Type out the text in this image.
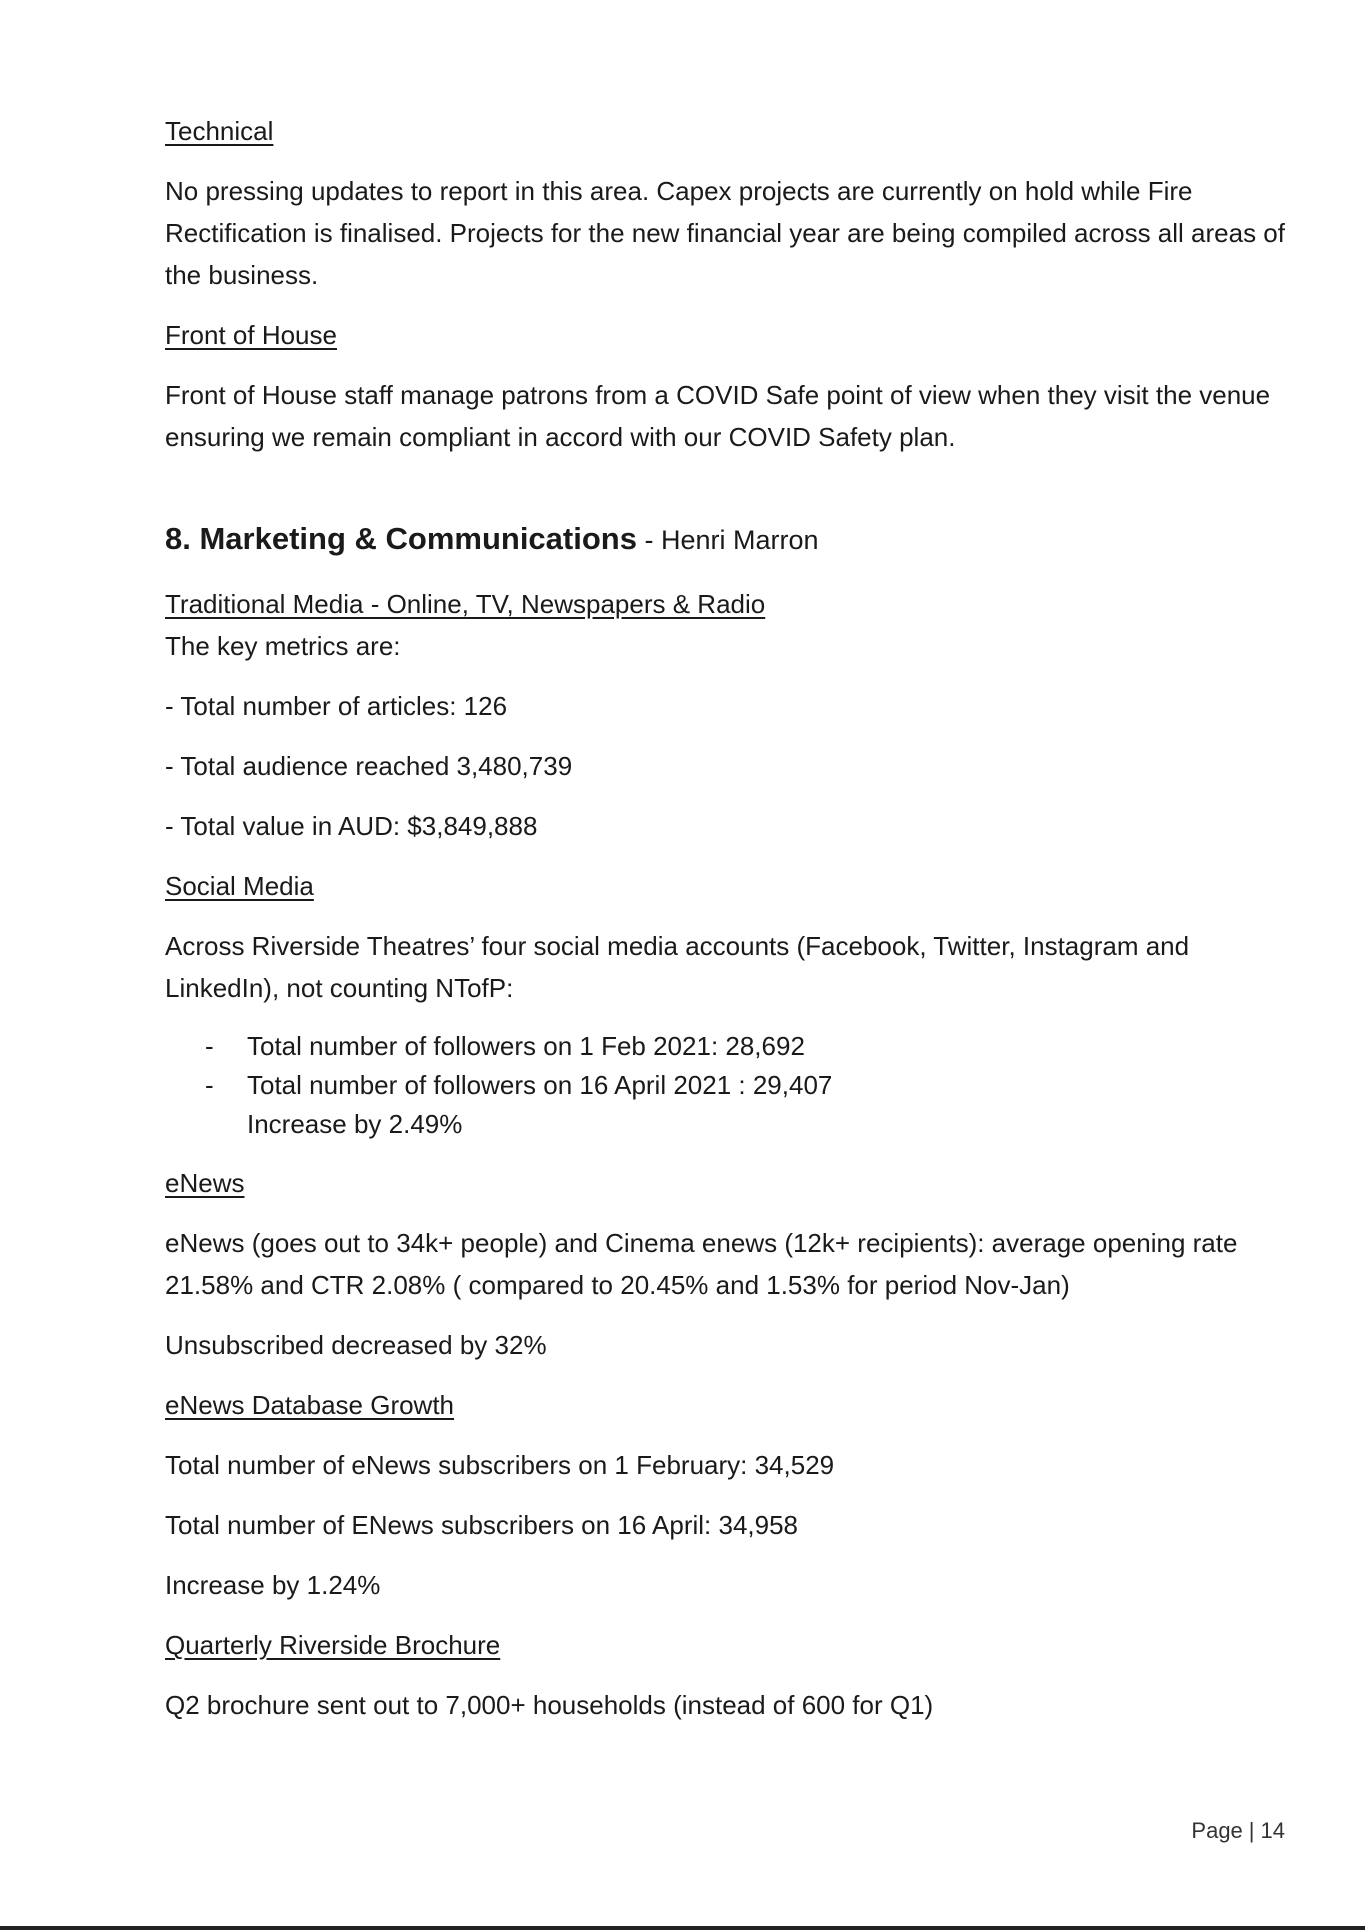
Technical

No pressing updates to report in this area. Capex projects are currently on hold while Fire Rectification is finalised. Projects for the new financial year are being compiled across all areas of the business.

Front of House

Front of House staff manage patrons from a COVID Safe point of view when they visit the venue ensuring we remain compliant in accord with our COVID Safety plan.

8. Marketing & Communications - Henri Marron
Traditional Media - Online, TV, Newspapers & Radio

The key metrics are:

- Total number of articles: 126

- Total audience reached 3,480,739

- Total value in AUD: $3,849,888

Social Media

Across Riverside Theatres’ four social media accounts (Facebook, Twitter, Instagram and LinkedIn), not counting NTofP:

- Total number of followers on 1 Feb 2021: 28,692
- Total number of followers on 16 April 2021 : 29,407
Increase by 2.49%
eNews

eNews (goes out to 34k+ people) and Cinema enews (12k+ recipients): average opening rate 21.58% and CTR 2.08% ( compared to 20.45% and 1.53% for period Nov-Jan)

Unsubscribed decreased by 32%

eNews Database Growth

Total number of eNews subscribers on 1 February: 34,529

Total number of ENews subscribers on 16 April: 34,958

Increase by 1.24%

Quarterly Riverside Brochure

Q2 brochure sent out to 7,000+ households (instead of 600 for Q1)

Page | 14
